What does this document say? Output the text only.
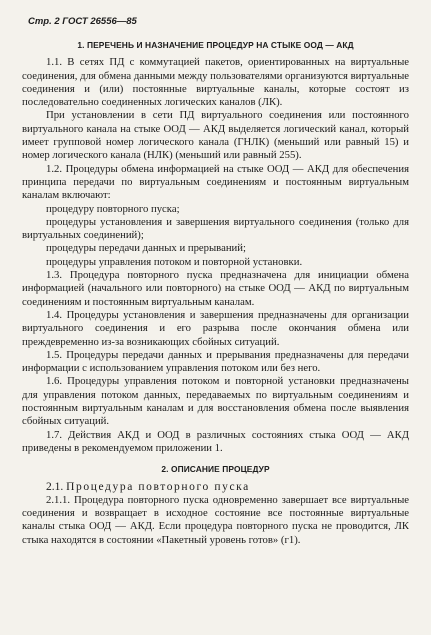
Стр. 2 ГОСТ 26556—85
1. ПЕРЕЧЕНЬ И НАЗНАЧЕНИЕ ПРОЦЕДУР НА СТЫКЕ ООД — АКД

1.1. В сетях ПД с коммутацией пакетов, ориентированных на виртуальные соединения, для обмена данными между пользователями организуются виртуальные соединения и (или) постоянные виртуальные каналы, которые состоят из последовательно соединенных логических каналов (ЛК).

При установлении в сети ПД виртуального соединения или постоянного виртуального канала на стыке ООД — АКД выделяется логический канал, который имеет групповой номер логического канала (ГНЛК) (меньший или равный 15) и номер логического канала (НЛК) (меньший или равный 255).

1.2. Процедуры обмена информацией на стыке ООД — АКД для обеспечения принципа передачи по виртуальным соединениям и постоянным виртуальным каналам включают:

процедуру повторного пуска;

процедуры установления и завершения виртуального соединения (только для виртуальных соединений);

процедуры передачи данных и прерываний;

процедуры управления потоком и повторной установки.

1.3. Процедура повторного пуска предназначена для инициации обмена информацией (начального или повторного) на стыке ООД — АКД по виртуальным соединениям и постоянным виртуальным каналам.

1.4. Процедуры установления и завершения предназначены для организации виртуального соединения и его разрыва после окончания обмена или преждевременно из-за возникающих сбойных ситуаций.

1.5. Процедуры передачи данных и прерывания предназначены для передачи информации с использованием управления потоком или без него.

1.6. Процедуры управления потоком и повторной установки предназначены для управления потоком данных, передаваемых по виртуальным соединениям и постоянным виртуальным каналам и для восстановления обмена после выявления сбойных ситуаций.

1.7. Действия АКД и ООД в различных состояниях стыка ООД — АКД приведены в рекомендуемом приложении 1.

2. ОПИСАНИЕ ПРОЦЕДУР

2.1. Процедура повторного пуска

2.1.1. Процедура повторного пуска одновременно завершает все виртуальные соединения и возвращает в исходное состояние все постоянные виртуальные каналы стыка ООД — АКД. Если процедура повторного пуска не проводится, ЛК стыка находятся в состоянии «Пакетный уровень готов» (г1).
